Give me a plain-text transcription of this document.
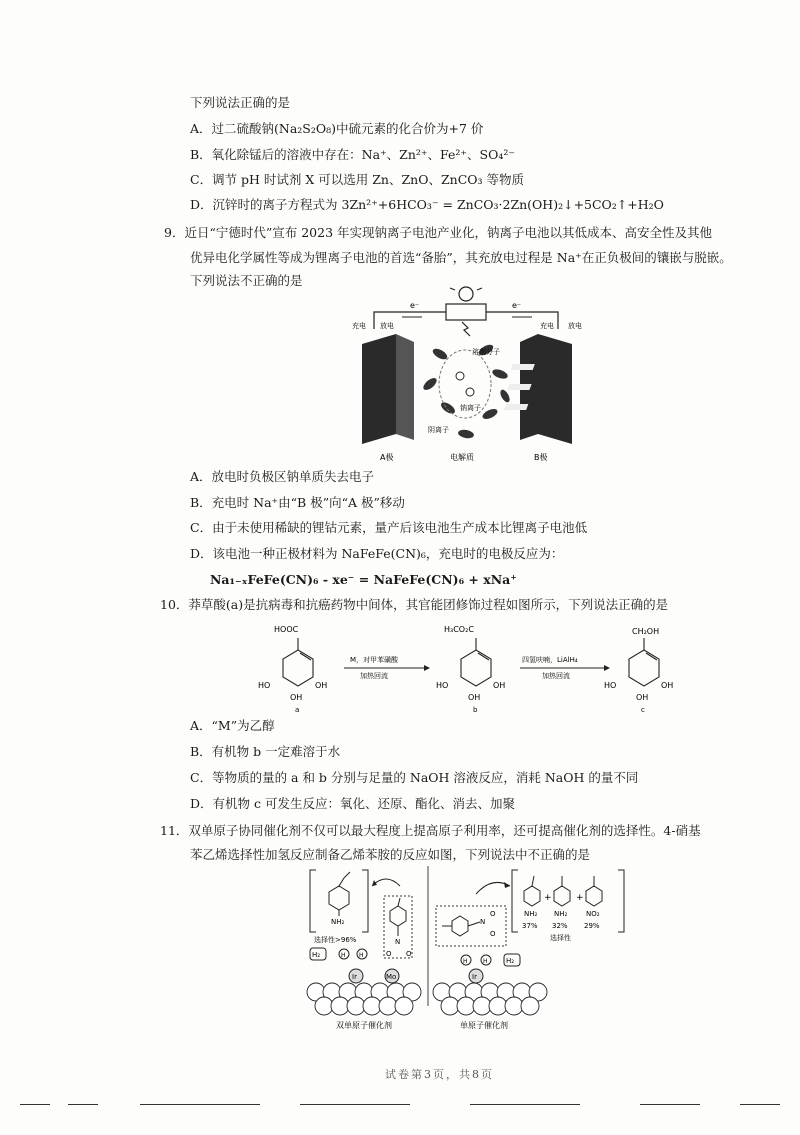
下列说法正确的是
A．过二硫酸钠(Na₂S₂O₈)中硫元素的化合价为+7 价
B．氧化除锰后的溶液中存在：Na⁺、Zn²⁺、Fe²⁺、SO₄²⁻
C．调节 pH 时试剂 X 可以选用 Zn、ZnO、ZnCO₃ 等物质
D．沉锌时的离子方程式为 3Zn²⁺+6HCO₃⁻ = ZnCO₃·2Zn(OH)₂↓+5CO₂↑+H₂O
9．近日“宁德时代”宣布 2023 年实现钠离子电池产业化，钠离子电池以其低成本、高安全性及其他
优异电化学属性等成为锂离子电池的首选“备胎”，其充放电过程是 Na⁺在正负极间的镶嵌与脱嵌。
下列说法不正确的是
e⁻	e⁻
充电 放电	充电 放电
溶剂分子
钠离子
阴离子
A极	电解质	B极
A．放电时负极区钠单质失去电子
B．充电时 Na⁺由“B 极”向“A 极”移动
C．由于未使用稀缺的锂钴元素，量产后该电池生产成本比锂离子电池低
D．该电池一种正极材料为 NaFeFe(CN)₆，充电时的电极反应为：
Na₁₋ₓFeFe(CN)₆ - xe⁻ = NaFeFe(CN)₆ + xNa⁺
10．莽草酸(a)是抗病毒和抗癌药物中间体，其官能团修饰过程如图所示，下列说法正确的是
HOOC
HO	OH
OH
a
M，对甲苯磺酸
加热回流
H₃CO₂C
HO	OH
OH
b
四氢呋喃，LiAlH₄
加热回流
CH₂OH
HO	OH
OH
c
A．“M”为乙醇
B．有机物 b 一定难溶于水
C．等物质的量的 a 和 b 分别与足量的 NaOH 溶液反应，消耗 NaOH 的量不同
D．有机物 c 可发生反应：氧化、还原、酯化、消去、加聚
11．双单原子协同催化剂不仅可以最大程度上提高原子利用率，还可提高催化剂的选择性。4-硝基
苯乙烯选择性加氢反应制备乙烯苯胺的反应如图，下列说法中不正确的是
NH₂
选择性>96%	N
O O
H₂	H H
+	+
NH₂ NH₂	NO₂
37% 32% 29%
选择性
N
O
O
H	H	H₂
Ir	Mo	Ir
双单原子催化剂	单原子催化剂
试卷第3页，共8页
